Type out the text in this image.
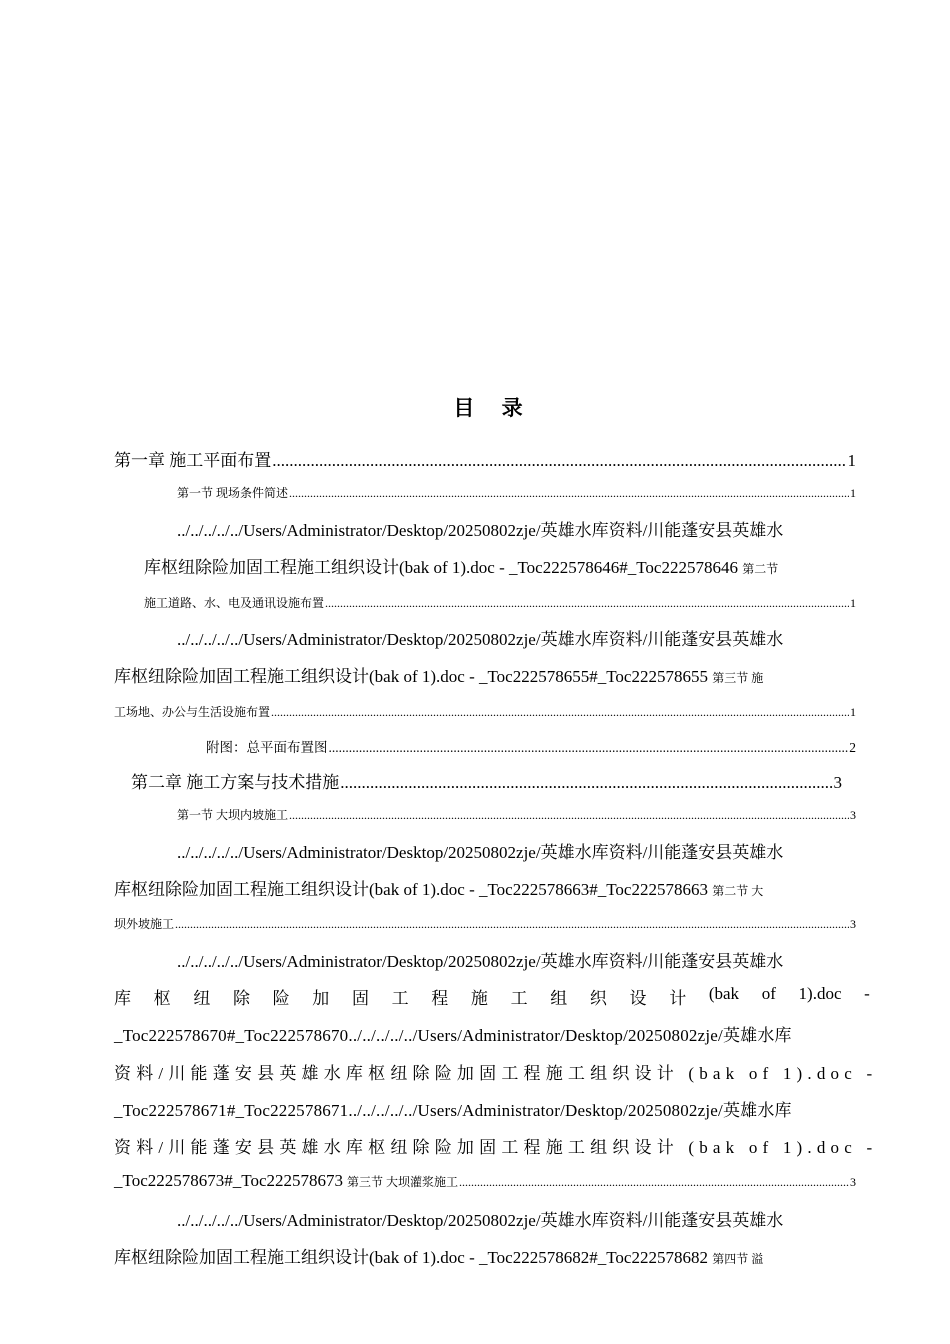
目 录
第一章 施工平面布置 .....	1
第一节 现场条件简述 .....	1
../../../../../Users/Administrator/Desktop/20250802zje/英雄水库资料/川能蓬安县英雄水
库枢纽除险加固工程施工组织设计(bak of 1).doc - _Toc222578646#_Toc222578646 第二节
施工道路、水、电及通讯设施布置 .....	1
../../../../../Users/Administrator/Desktop/20250802zje/英雄水库资料/川能蓬安县英雄水
库枢纽除险加固工程施工组织设计(bak of 1).doc - _Toc222578655#_Toc222578655 第三节 施
工场地、办公与生活设施布置 .....	1
附图：总平面布置图 .....	2
第二章 施工方案与技术措施 .....	3
第一节 大坝内坡施工 .....	3
../../../../../Users/Administrator/Desktop/20250802zje/英雄水库资料/川能蓬安县英雄水
库枢纽除险加固工程施工组织设计(bak of 1).doc - _Toc222578663#_Toc222578663 第二节 大
坝外坡施工 .....	3
../../../../../Users/Administrator/Desktop/20250802zje/英雄水库资料/川能蓬安县英雄水
库 枢 纽 除 险 加 固 工 程 施 工 组 织 设 计 (bak of 1).doc -
_Toc222578670#_Toc222578670../../../../../Users/Administrator/Desktop/20250802zje/英雄水库
资料/川能蓬安县英雄水库枢纽除险加固工程施工组织设计 (bak of 1).doc -
_Toc222578671#_Toc222578671../../../../../Users/Administrator/Desktop/20250802zje/英雄水库
资料/川能蓬安县英雄水库枢纽除险加固工程施工组织设计 (bak of 1).doc -
_Toc222578673#_Toc222578673 第三节 大坝灌浆施工 .....	3
../../../../../Users/Administrator/Desktop/20250802zje/英雄水库资料/川能蓬安县英雄水
库枢纽除险加固工程施工组织设计(bak of 1).doc - _Toc222578682#_Toc222578682 第四节 溢
